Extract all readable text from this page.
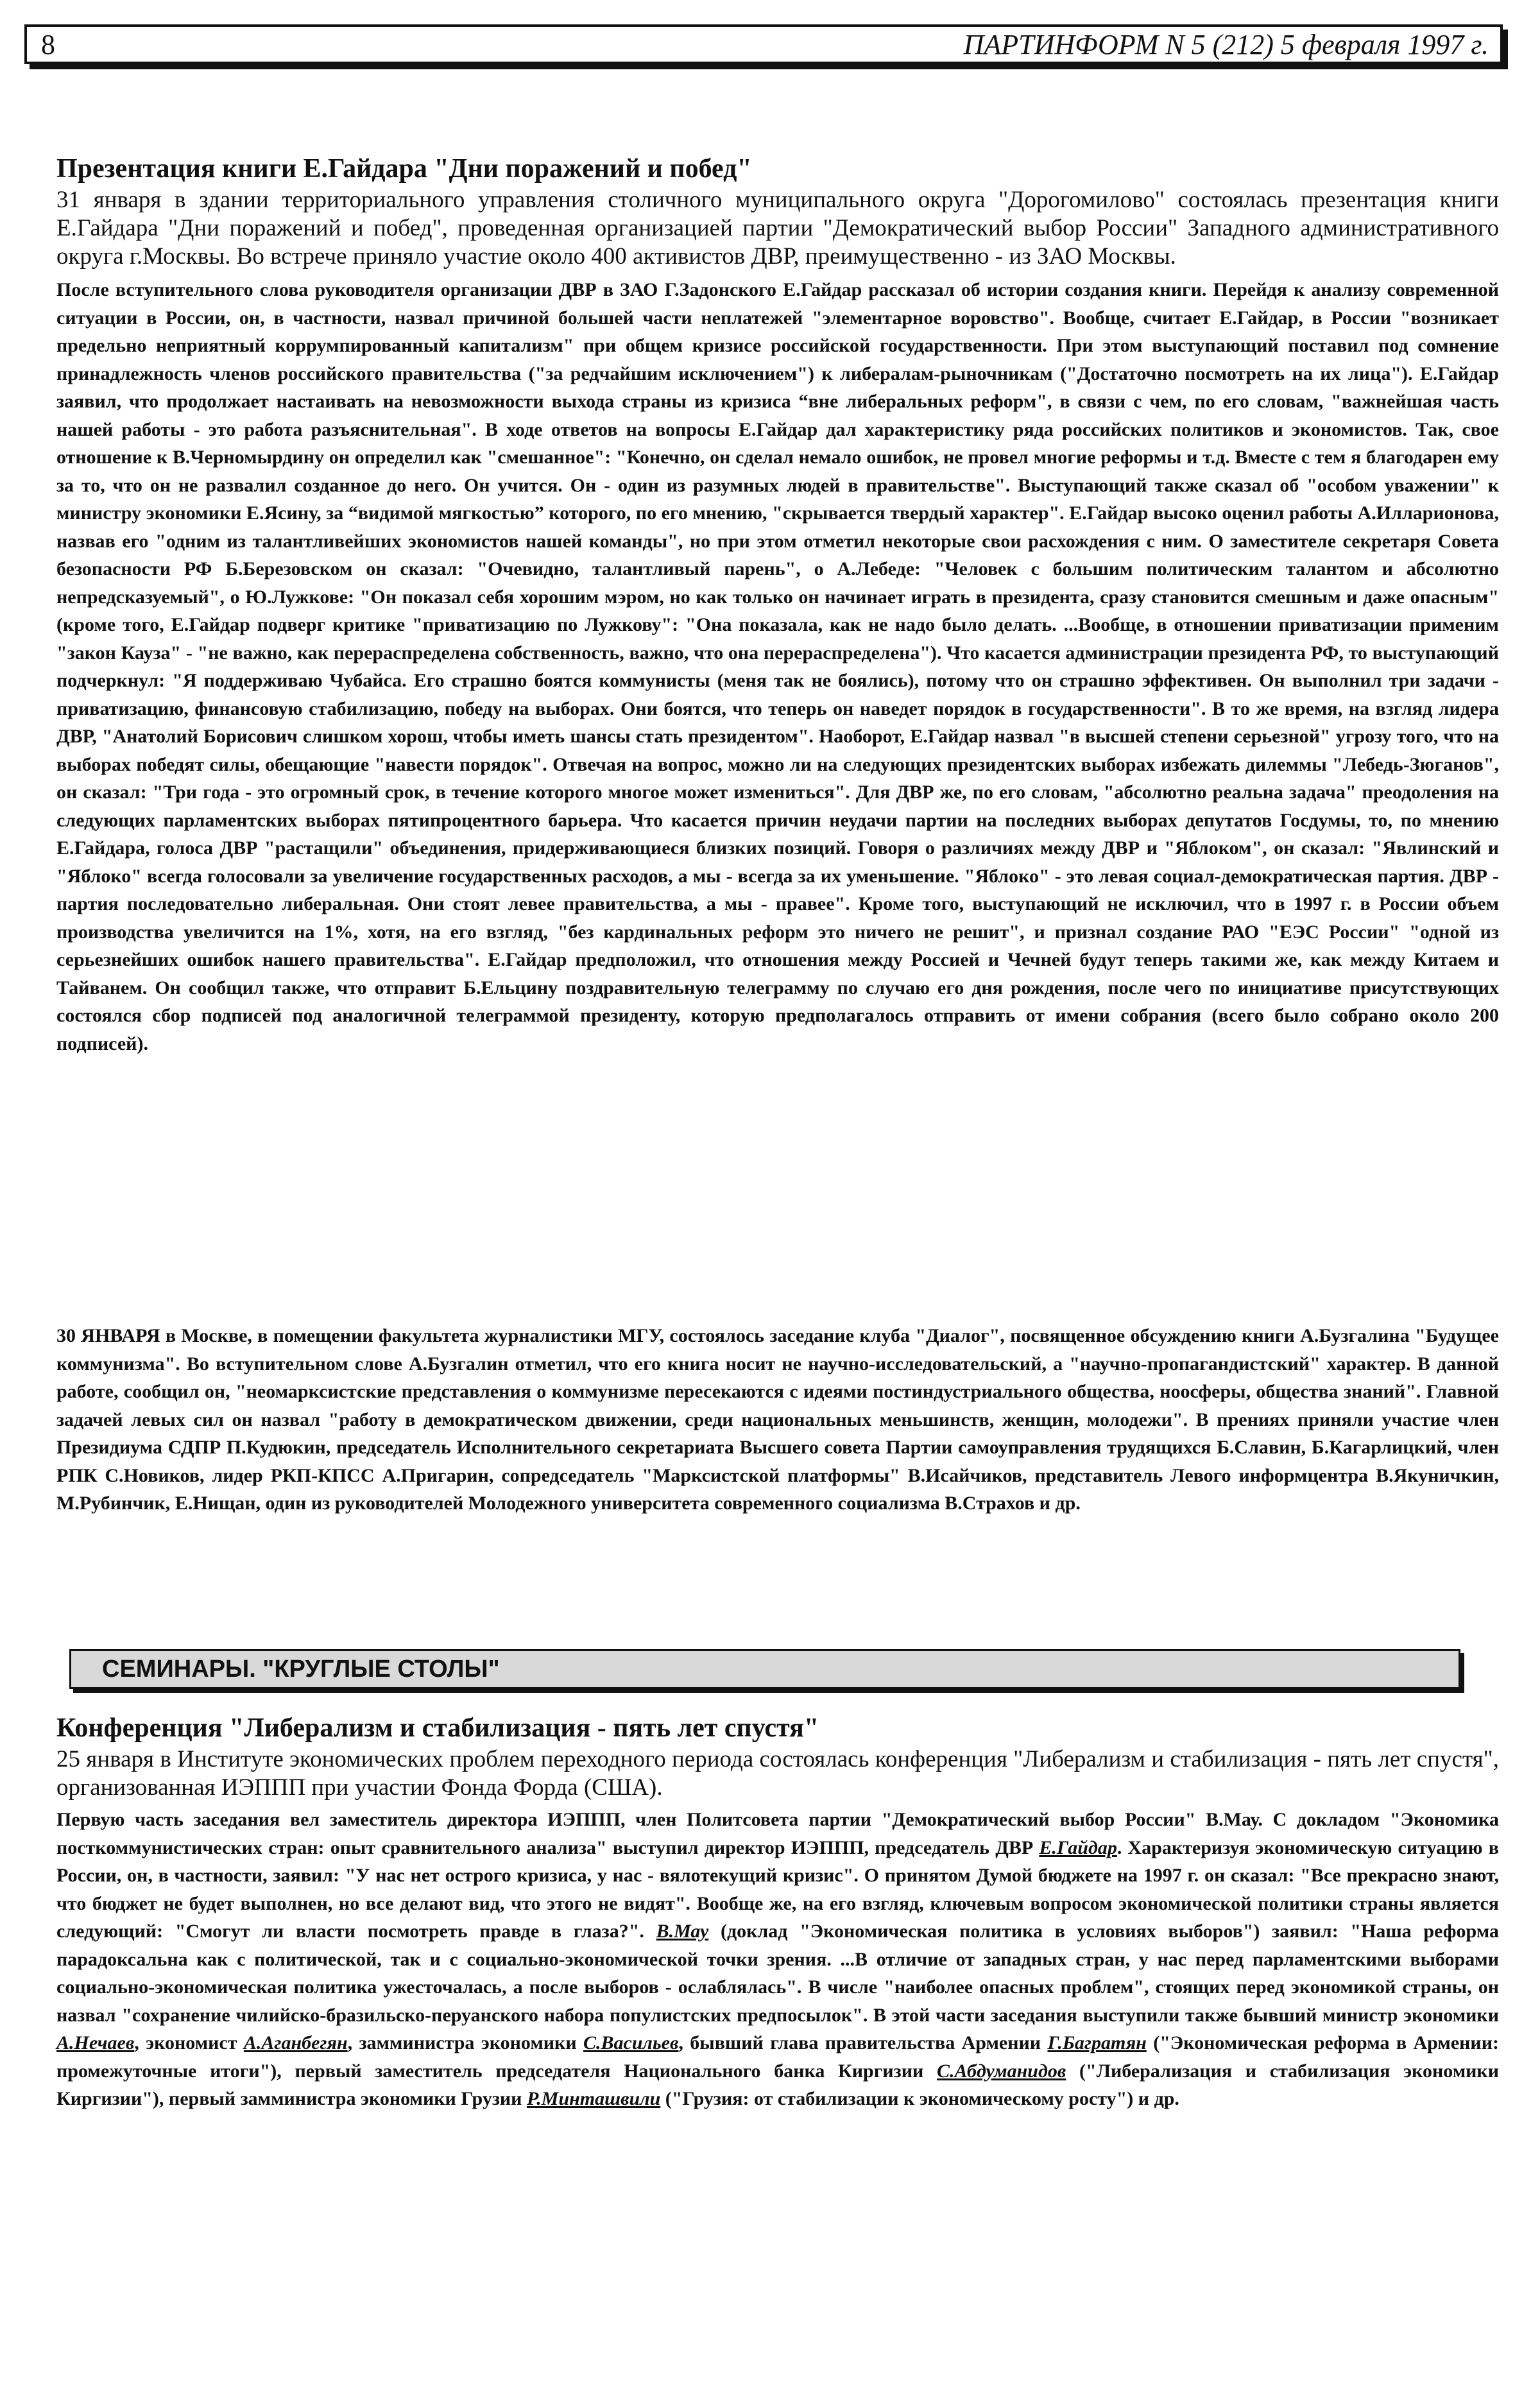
8	ПАРТИНФОРМ N 5 (212) 5 февраля 1997 г.

Презентация книги Е.Гайдара "Дни поражений и побед"

31 января в здании территориального управления столичного муниципального округа "Дорогомилово" состоялась презентация книги Е.Гайдара "Дни поражений и побед", проведенная организацией партии "Демократический выбор России" Западного административного округа г.Москвы. Во встрече приняло участие около 400 активистов ДВР, преимущественно - из ЗАО Москвы.

После вступительного слова руководителя организации ДВР в ЗАО Г.Задонского Е.Гайдар рассказал об истории создания книги. Перейдя к анализу современной ситуации в России, он, в частности, назвал причиной большей части неплатежей "элементарное воровство". Вообще, считает Е.Гайдар, в России "возникает предельно неприятный коррумпированный капитализм" при общем кризисе российской государственности. При этом выступающий поставил под сомнение принадлежность членов российского правительства ("за редчайшим исключением") к либералам-рыночникам ("Достаточно посмотреть на их лица"). Е.Гайдар заявил, что продолжает настаивать на невозможности выхода страны из кризиса “вне либеральных реформ", в связи с чем, по его словам, "важнейшая часть нашей работы - это работа разъяснительная". В ходе ответов на вопросы Е.Гайдар дал характеристику ряда российских политиков и экономистов. Так, свое отношение к В.Черномырдину он определил как "смешанное": "Конечно, он сделал немало ошибок, не провел многие реформы и т.д. Вместе с тем я благодарен ему за то, что он не развалил созданное до него. Он учится. Он - один из разумных людей в правительстве". Выступающий также сказал об "особом уважении" к министру экономики Е.Ясину, за “видимой мягкостью” которого, по его мнению, "скрывается твердый характер". Е.Гайдар высоко оценил работы А.Илларионова, назвав его "одним из талантливейших экономистов нашей команды", но при этом отметил некоторые свои расхождения с ним. О заместителе секретаря Совета безопасности РФ Б.Березовском он сказал: "Очевидно, талантливый парень", о А.Лебеде: "Человек с большим политическим талантом и абсолютно непредсказуемый", о Ю.Лужкове: "Он показал себя хорошим мэром, но как только он начинает играть в президента, сразу становится смешным и даже опасным" (кроме того, Е.Гайдар подверг критике "приватизацию по Лужкову": "Она показала, как не надо было делать. ...Вообще, в отношении приватизации применим "закон Кауза" - "не важно, как перераспределена собственность, важно, что она перераспределена"). Что касается администрации президента РФ, то выступающий подчеркнул: "Я поддерживаю Чубайса. Его страшно боятся коммунисты (меня так не боялись), потому что он страшно эффективен. Он выполнил три задачи - приватизацию, финансовую стабилизацию, победу на выборах. Они боятся, что теперь он наведет порядок в государственности". В то же время, на взгляд лидера ДВР, "Анатолий Борисович слишком хорош, чтобы иметь шансы стать президентом". Наоборот, Е.Гайдар назвал "в высшей степени серьезной" угрозу того, что на выборах победят силы, обещающие "навести порядок". Отвечая на вопрос, можно ли на следующих президентских выборах избежать дилеммы "Лебедь-Зюганов", он сказал: "Три года - это огромный срок, в течение которого многое может измениться". Для ДВР же, по его словам, "абсолютно реальна задача" преодоления на следующих парламентских выборах пятипроцентного барьера. Что касается причин неудачи партии на последних выборах депутатов Госдумы, то, по мнению Е.Гайдара, голоса ДВР "растащили" объединения, придерживающиеся близких позиций. Говоря о различиях между ДВР и "Яблоком", он сказал: "Явлинский и "Яблоко" всегда голосовали за увеличение государственных расходов, а мы - всегда за их уменьшение. "Яблоко" - это левая социал-демократическая партия. ДВР - партия последовательно либеральная. Они стоят левее правительства, а мы - правее". Кроме того, выступающий не исключил, что в 1997 г. в России объем производства увеличится на 1%, хотя, на его взгляд, "без кардинальных реформ это ничего не решит", и признал создание РАО "ЕЭС России" "одной из серьезнейших ошибок нашего правительства". Е.Гайдар предположил, что отношения между Россией и Чечней будут теперь такими же, как между Китаем и Тайванем. Он сообщил также, что отправит Б.Ельцину поздравительную телеграмму по случаю его дня рождения, после чего по инициативе присутствующих состоялся сбор подписей под аналогичной телеграммой президенту, которую предполагалось отправить от имени собрания (всего было собрано около 200 подписей).

30 ЯНВАРЯ в Москве, в помещении факультета журналистики МГУ, состоялось заседание клуба "Диалог", посвященное обсуждению книги А.Бузгалина "Будущее коммунизма". Во вступительном слове А.Бузгалин отметил, что его книга носит не научно-исследовательский, а "научно-пропагандистский" характер. В данной работе, сообщил он, "неомарксистские представления о коммунизме пересекаются с идеями постиндустриального общества, ноосферы, общества знаний". Главной задачей левых сил он назвал "работу в демократическом движении, среди национальных меньшинств, женщин, молодежи". В прениях приняли участие член Президиума СДПР П.Кудюкин, председатель Исполнительного секретариата Высшего совета Партии самоуправления трудящихся Б.Славин, Б.Кагарлицкий, член РПК С.Новиков, лидер РКП-КПСС А.Пригарин, сопредседатель "Марксистской платформы" В.Исайчиков, представитель Левого информцентра В.Якуничкин, М.Рубинчик, Е.Нищан, один из руководителей Молодежного университета современного социализма В.Страхов и др.

СЕМИНАРЫ. "КРУГЛЫЕ СТОЛЫ"

Конференция "Либерализм и стабилизация - пять лет спустя"

25 января в Институте экономических проблем переходного периода состоялась конференция "Либерализм и стабилизация - пять лет спустя", организованная ИЭППП при участии Фонда Форда (США).

Первую часть заседания вел заместитель директора ИЭППП, член Политсовета партии "Демократический выбор России" В.Мау. С докладом "Экономика посткоммунистических стран: опыт сравнительного анализа" выступил директор ИЭППП, председатель ДВР Е.Гайдар. Характеризуя экономическую ситуацию в России, он, в частности, заявил: "У нас нет острого кризиса, у нас - вялотекущий кризис". О принятом Думой бюджете на 1997 г. он сказал: "Все прекрасно знают, что бюджет не будет выполнен, но все делают вид, что этого не видят". Вообще же, на его взгляд, ключевым вопросом экономической политики страны является следующий: "Смогут ли власти посмотреть правде в глаза?". В.Мау (доклад "Экономическая политика в условиях выборов") заявил: "Наша реформа парадоксальна как с политической, так и с социально-экономической точки зрения. ...В отличие от западных стран, у нас перед парламентскими выборами социально-экономическая политика ужесточалась, а после выборов - ослаблялась". В числе "наиболее опасных проблем", стоящих перед экономикой страны, он назвал "сохранение чилийско-бразильско-перуанского набора популистских предпосылок". В этой части заседания выступили также бывший министр экономики А.Нечаев, экономист А.Аганбегян, замминистра экономики С.Васильев, бывший глава правительства Армении Г.Багратян ("Экономическая реформа в Армении: промежуточные итоги"), первый заместитель председателя Национального банка Киргизии С.Абдуманидов ("Либерализация и стабилизация экономики Киргизии"), первый замминистра экономики Грузии Р.Минташвили ("Грузия: от стабилизации к экономическому росту") и др.
